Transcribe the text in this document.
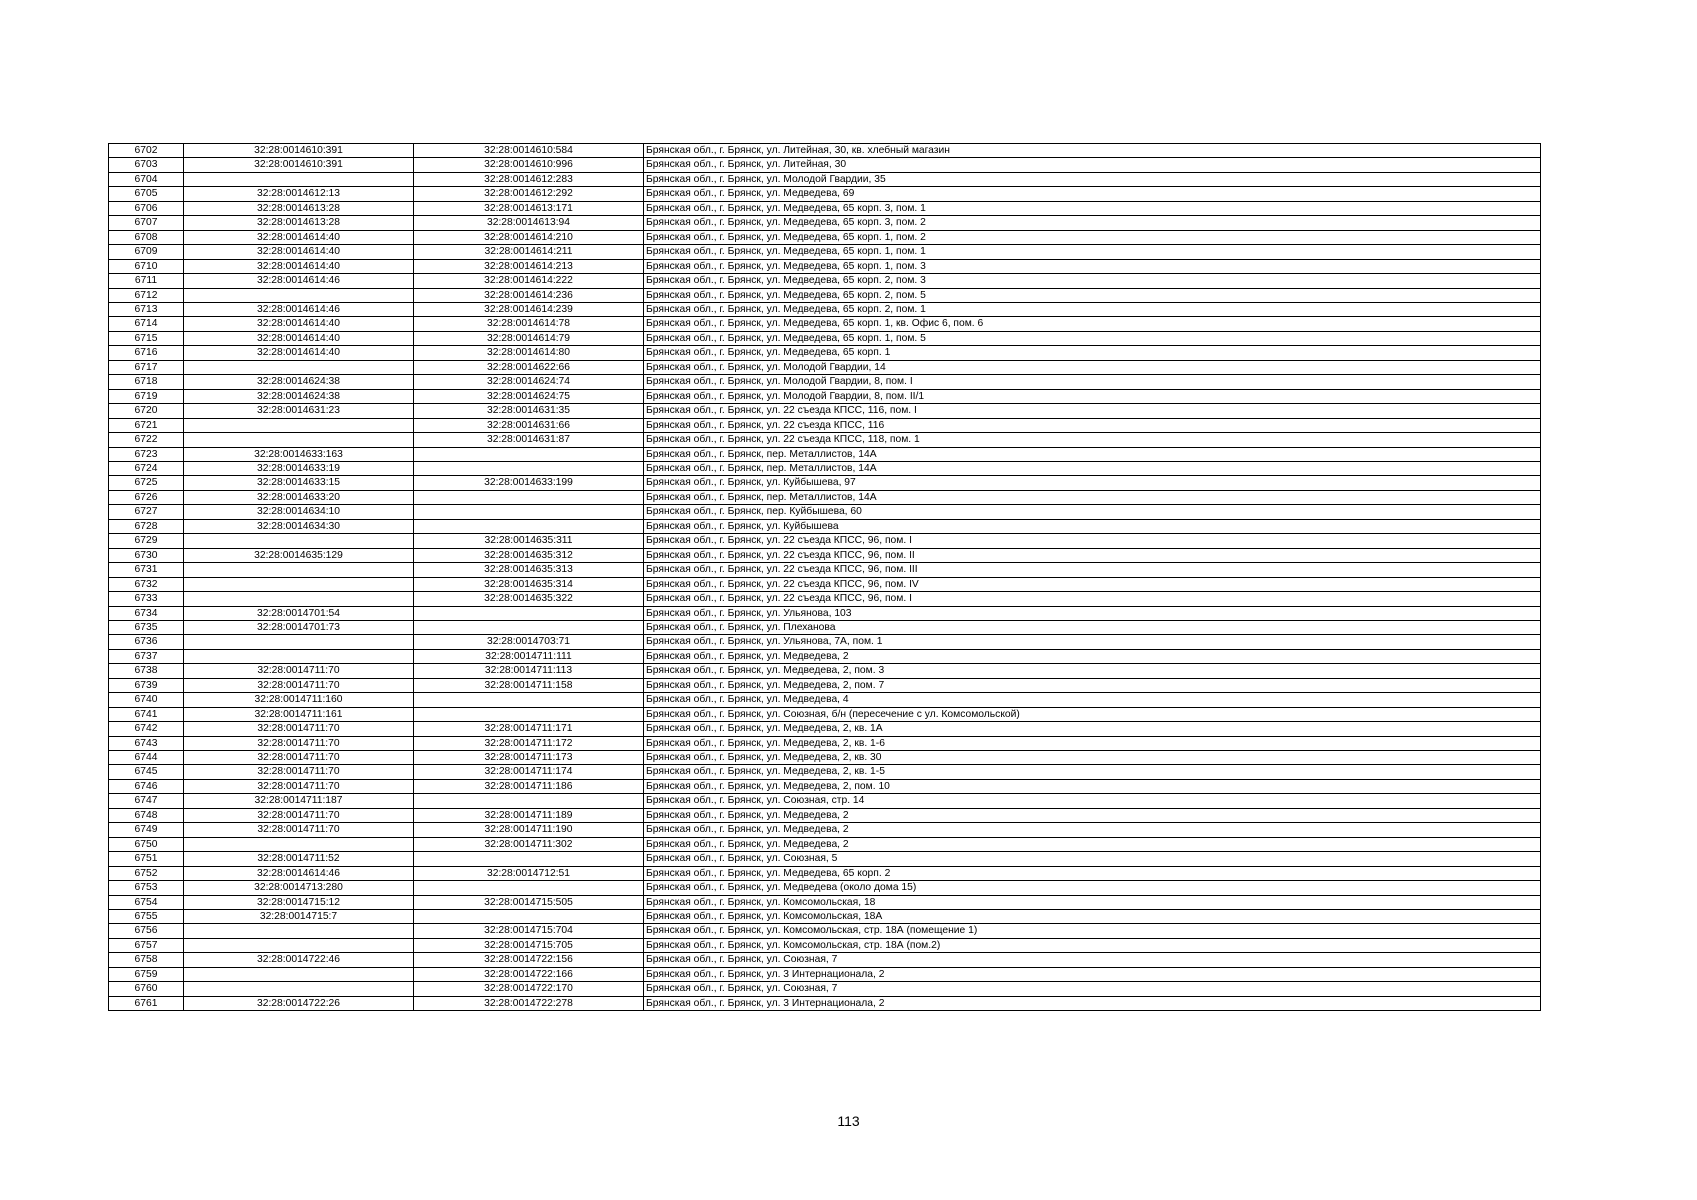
6702	32:28:0014610:391	32:28:0014610:584	Брянская обл., г. Брянск, ул. Литейная, 30, кв. хлебный магазин
6703	32:28:0014610:391	32:28:0014610:996	Брянская обл., г. Брянск, ул. Литейная, 30
6704		32:28:0014612:283	Брянская обл., г. Брянск, ул. Молодой Гвардии, 35
6705	32:28:0014612:13	32:28:0014612:292	Брянская обл., г. Брянск, ул. Медведева, 69
6706	32:28:0014613:28	32:28:0014613:171	Брянская обл., г. Брянск, ул. Медведева, 65 корп. 3, пом. 1
6707	32:28:0014613:28	32:28:0014613:94	Брянская обл., г. Брянск, ул. Медведева, 65 корп. 3, пом. 2
6708	32:28:0014614:40	32:28:0014614:210	Брянская обл., г. Брянск, ул. Медведева, 65 корп. 1, пом. 2
6709	32:28:0014614:40	32:28:0014614:211	Брянская обл., г. Брянск, ул. Медведева, 65 корп. 1, пом. 1
6710	32:28:0014614:40	32:28:0014614:213	Брянская обл., г. Брянск, ул. Медведева, 65 корп. 1, пом. 3
6711	32:28:0014614:46	32:28:0014614:222	Брянская обл., г. Брянск, ул. Медведева, 65 корп. 2, пом. 3
6712		32:28:0014614:236	Брянская обл., г. Брянск, ул. Медведева, 65 корп. 2, пом. 5
6713	32:28:0014614:46	32:28:0014614:239	Брянская обл., г. Брянск, ул. Медведева, 65 корп. 2, пом. 1
6714	32:28:0014614:40	32:28:0014614:78	Брянская обл., г. Брянск, ул. Медведева, 65 корп. 1, кв. Офис 6, пом. 6
6715	32:28:0014614:40	32:28:0014614:79	Брянская обл., г. Брянск, ул. Медведева, 65 корп. 1, пом. 5
6716	32:28:0014614:40	32:28:0014614:80	Брянская обл., г. Брянск, ул. Медведева, 65 корп. 1
6717		32:28:0014622:66	Брянская обл., г. Брянск, ул. Молодой Гвардии, 14
6718	32:28:0014624:38	32:28:0014624:74	Брянская обл., г. Брянск, ул. Молодой Гвардии, 8, пом. I
6719	32:28:0014624:38	32:28:0014624:75	Брянская обл., г. Брянск, ул. Молодой Гвардии, 8, пом. II/1
6720	32:28:0014631:23	32:28:0014631:35	Брянская обл., г. Брянск, ул. 22 съезда КПСС, 116, пом. I
6721		32:28:0014631:66	Брянская обл., г. Брянск, ул. 22 съезда КПСС, 116
6722		32:28:0014631:87	Брянская обл., г. Брянск, ул. 22 съезда КПСС, 118, пом. 1
6723	32:28:0014633:163		Брянская обл., г. Брянск, пер. Металлистов, 14А
6724	32:28:0014633:19		Брянская обл., г. Брянск, пер. Металлистов, 14А
6725	32:28:0014633:15	32:28:0014633:199	Брянская обл., г. Брянск, ул. Куйбышева, 97
6726	32:28:0014633:20		Брянская обл., г. Брянск, пер. Металлистов, 14А
6727	32:28:0014634:10		Брянская обл., г. Брянск, пер. Куйбышева, 60
6728	32:28:0014634:30		Брянская обл., г. Брянск, ул. Куйбышева
6729		32:28:0014635:311	Брянская обл., г. Брянск, ул. 22 съезда КПСС, 96, пом. I
6730	32:28:0014635:129	32:28:0014635:312	Брянская обл., г. Брянск, ул. 22 съезда КПСС, 96, пом. II
6731		32:28:0014635:313	Брянская обл., г. Брянск, ул. 22 съезда КПСС, 96, пом. III
6732		32:28:0014635:314	Брянская обл., г. Брянск, ул. 22 съезда КПСС, 96, пом. IV
6733		32:28:0014635:322	Брянская обл., г. Брянск, ул. 22 съезда КПСС, 96, пом. I
6734	32:28:0014701:54		Брянская обл., г. Брянск, ул. Ульянова, 103
6735	32:28:0014701:73		Брянская обл., г. Брянск, ул. Плеханова
6736		32:28:0014703:71	Брянская обл., г. Брянск, ул. Ульянова, 7А, пом. 1
6737		32:28:0014711:111	Брянская обл., г. Брянск, ул. Медведева, 2
6738	32:28:0014711:70	32:28:0014711:113	Брянская обл., г. Брянск, ул. Медведева, 2, пом. 3
6739	32:28:0014711:70	32:28:0014711:158	Брянская обл., г. Брянск, ул. Медведева, 2, пом. 7
6740	32:28:0014711:160		Брянская обл., г. Брянск, ул. Медведева, 4
6741	32:28:0014711:161		Брянская обл., г. Брянск, ул. Союзная, б/н (пересечение с ул. Комсомольской)
6742	32:28:0014711:70	32:28:0014711:171	Брянская обл., г. Брянск, ул. Медведева, 2, кв. 1А
6743	32:28:0014711:70	32:28:0014711:172	Брянская обл., г. Брянск, ул. Медведева, 2, кв. 1-6
6744	32:28:0014711:70	32:28:0014711:173	Брянская обл., г. Брянск, ул. Медведева, 2, кв. 30
6745	32:28:0014711:70	32:28:0014711:174	Брянская обл., г. Брянск, ул. Медведева, 2, кв. 1-5
6746	32:28:0014711:70	32:28:0014711:186	Брянская обл., г. Брянск, ул. Медведева, 2, пом. 10
6747	32:28:0014711:187		Брянская обл., г. Брянск, ул. Союзная, стр. 14
6748	32:28:0014711:70	32:28:0014711:189	Брянская обл., г. Брянск, ул. Медведева, 2
6749	32:28:0014711:70	32:28:0014711:190	Брянская обл., г. Брянск, ул. Медведева, 2
6750		32:28:0014711:302	Брянская обл., г. Брянск, ул. Медведева, 2
6751	32:28:0014711:52		Брянская обл., г. Брянск, ул. Союзная, 5
6752	32:28:0014614:46	32:28:0014712:51	Брянская обл., г. Брянск, ул. Медведева, 65 корп. 2
6753	32:28:0014713:280		Брянская обл., г. Брянск, ул. Медведева (около дома 15)
6754	32:28:0014715:12	32:28:0014715:505	Брянская обл., г. Брянск, ул. Комсомольская, 18
6755	32:28:0014715:7		Брянская обл., г. Брянск, ул. Комсомольская, 18А
6756		32:28:0014715:704	Брянская обл., г. Брянск, ул. Комсомольская, стр. 18А (помещение 1)
6757		32:28:0014715:705	Брянская обл., г. Брянск, ул. Комсомольская, стр. 18А (пом.2)
6758	32:28:0014722:46	32:28:0014722:156	Брянская обл., г. Брянск, ул. Союзная, 7
6759		32:28:0014722:166	Брянская обл., г. Брянск, ул. 3 Интернационала, 2
6760		32:28:0014722:170	Брянская обл., г. Брянск, ул. Союзная, 7
6761	32:28:0014722:26	32:28:0014722:278	Брянская обл., г. Брянск, ул. 3 Интернационала, 2
113
